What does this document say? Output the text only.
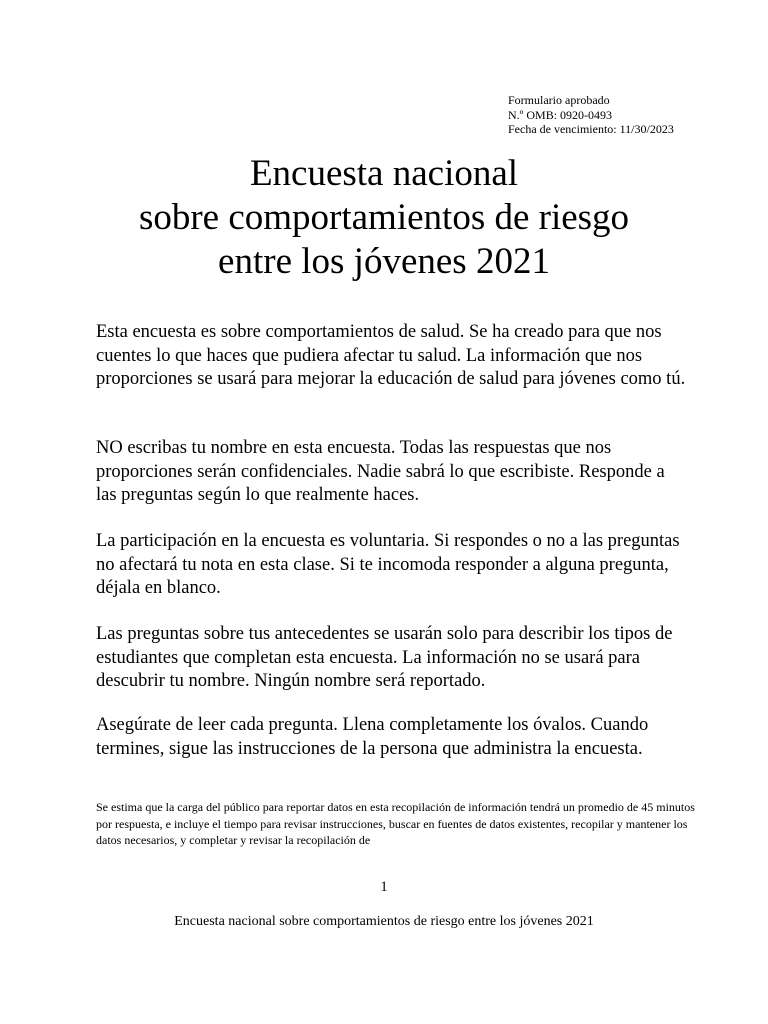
Formulario aprobado
N.º OMB: 0920-0493
Fecha de vencimiento: 11/30/2023
Encuesta nacional
sobre comportamientos de riesgo
entre los jóvenes 2021

Esta encuesta es sobre comportamientos de salud. Se ha creado para que nos cuentes lo que haces que pudiera afectar tu salud. La información que nos proporciones se usará para mejorar la educación de salud para jóvenes como tú.

NO escribas tu nombre en esta encuesta. Todas las respuestas que nos proporciones serán confidenciales. Nadie sabrá lo que escribiste. Responde a las preguntas según lo que realmente haces.

La participación en la encuesta es voluntaria. Si respondes o no a las preguntas no afectará tu nota en esta clase. Si te incomoda responder a alguna pregunta, déjala en blanco.

Las preguntas sobre tus antecedentes se usarán solo para describir los tipos de estudiantes que completan esta encuesta. La información no se usará para descubrir tu nombre. Ningún nombre será reportado.

Asegúrate de leer cada pregunta. Llena completamente los óvalos. Cuando termines, sigue las instrucciones de la persona que administra la encuesta.

Se estima que la carga del público para reportar datos en esta recopilación de información tendrá un promedio de 45 minutos por respuesta, e incluye el tiempo para revisar instrucciones, buscar en fuentes de datos existentes, recopilar y mantener los datos necesarios, y completar y revisar la recopilación de

1
Encuesta nacional sobre comportamientos de riesgo entre los jóvenes 2021
